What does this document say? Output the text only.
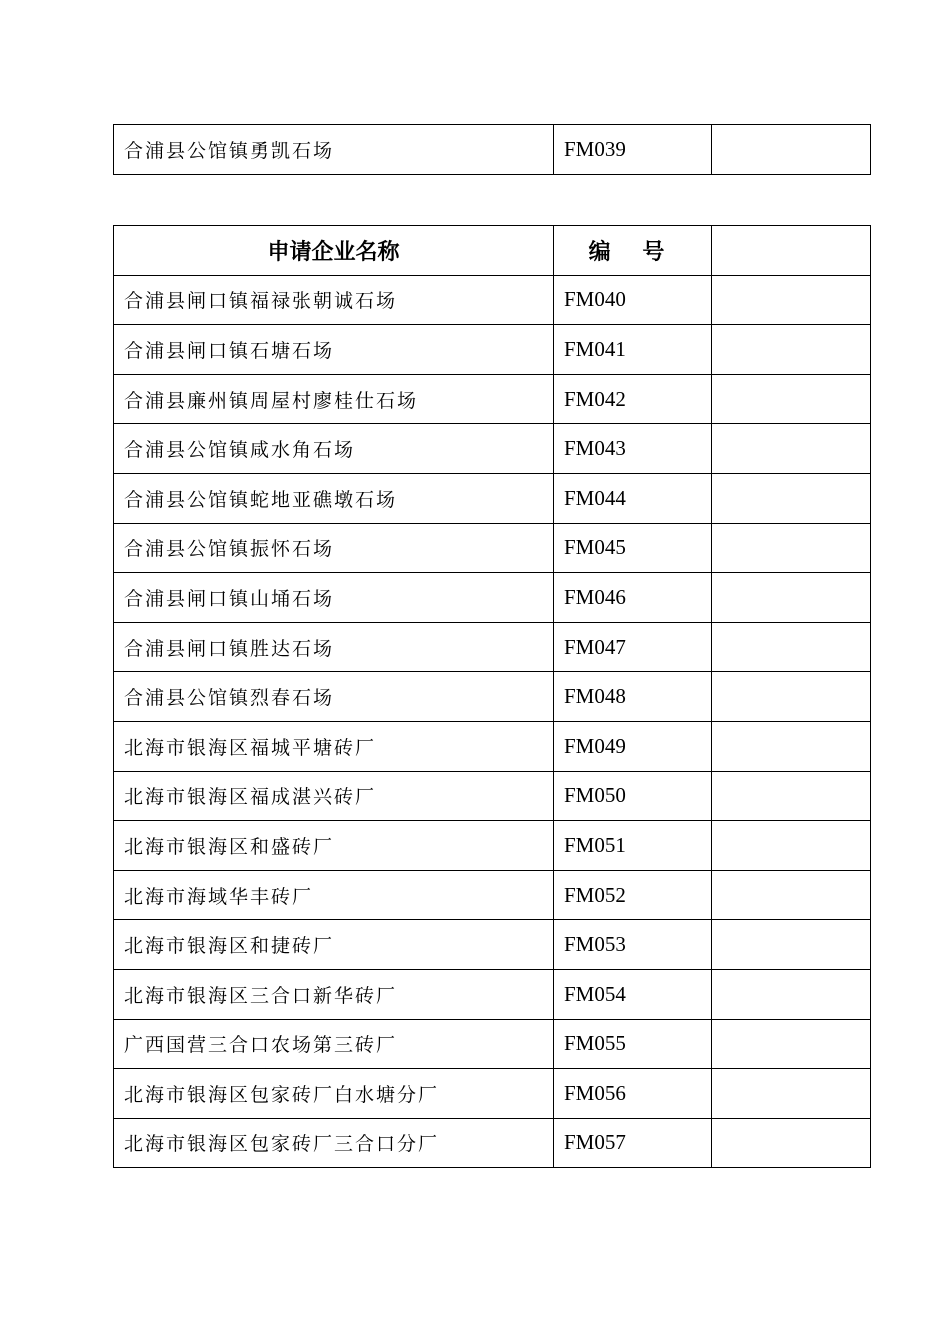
合浦县公馆镇勇凯石场	FM039	
申请企业名称	编 号	
合浦县闸口镇福禄张朝诚石场	FM040	
合浦县闸口镇石塘石场	FM041	
合浦县廉州镇周屋村廖桂仕石场	FM042	
合浦县公馆镇咸水角石场	FM043	
合浦县公馆镇蛇地亚礁墩石场	FM044	
合浦县公馆镇振怀石场	FM045	
合浦县闸口镇山埇石场	FM046	
合浦县闸口镇胜达石场	FM047	
合浦县公馆镇烈春石场	FM048	
北海市银海区福城平塘砖厂	FM049	
北海市银海区福成湛兴砖厂	FM050	
北海市银海区和盛砖厂	FM051	
北海市海域华丰砖厂	FM052	
北海市银海区和捷砖厂	FM053	
北海市银海区三合口新华砖厂	FM054	
广西国营三合口农场第三砖厂	FM055	
北海市银海区包家砖厂白水塘分厂	FM056	
北海市银海区包家砖厂三合口分厂	FM057	
